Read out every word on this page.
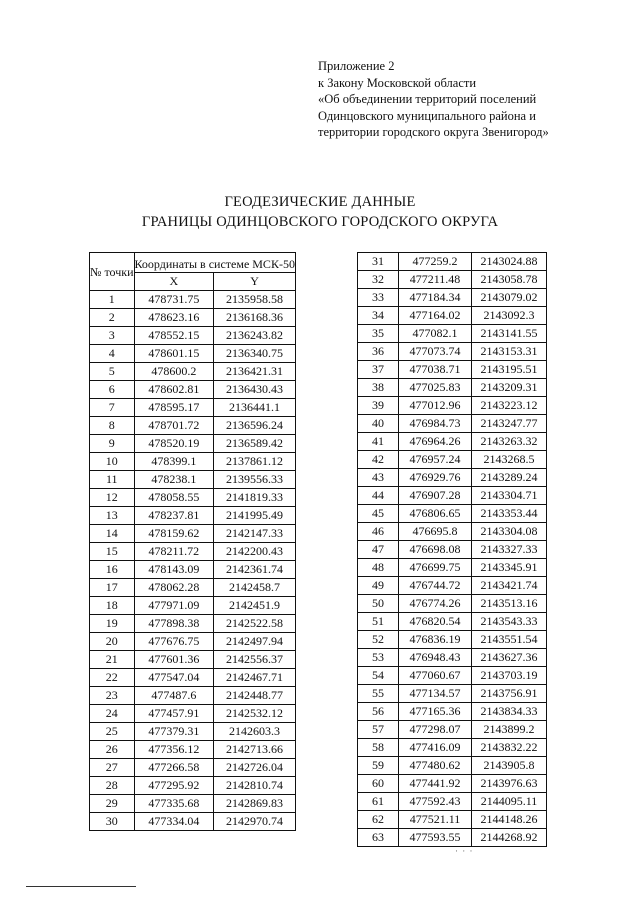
Приложение 2
к Закону Московской области
«Об объединении территорий поселений
Одинцовского муниципального района и
территории городского округа Звенигород»
ГЕОДЕЗИЧЕСКИЕ ДАННЫЕ
ГРАНИЦЫ ОДИНЦОВСКОГО ГОРОДСКОГО ОКРУГА
№ точки	Координаты в системе МСК-50	
	X	Y
1	478731.75	2135958.58
2	478623.16	2136168.36
3	478552.15	2136243.82
4	478601.15	2136340.75
5	478600.2	2136421.31
6	478602.81	2136430.43
7	478595.17	2136441.1
8	478701.72	2136596.24
9	478520.19	2136589.42
10	478399.1	2137861.12
11	478238.1	2139556.33
12	478058.55	2141819.33
13	478237.81	2141995.49
14	478159.62	2142147.33
15	478211.72	2142200.43
16	478143.09	2142361.74
17	478062.28	2142458.7
18	477971.09	2142451.9
19	477898.38	2142522.58
20	477676.75	2142497.94
21	477601.36	2142556.37
22	477547.04	2142467.71
23	477487.6	2142448.77
24	477457.91	2142532.12
25	477379.31	2142603.3
26	477356.12	2142713.66
27	477266.58	2142726.04
28	477295.92	2142810.74
29	477335.68	2142869.83
30	477334.04	2142970.74
31	477259.2	2143024.88
32	477211.48	2143058.78
33	477184.34	2143079.02
34	477164.02	2143092.3
35	477082.1	2143141.55
36	477073.74	2143153.31
37	477038.71	2143195.51
38	477025.83	2143209.31
39	477012.96	2143223.12
40	476984.73	2143247.77
41	476964.26	2143263.32
42	476957.24	2143268.5
43	476929.76	2143289.24
44	476907.28	2143304.71
45	476806.65	2143353.44
46	476695.8	2143304.08
47	476698.08	2143327.33
48	476699.75	2143345.91
49	476744.72	2143421.74
50	476774.26	2143513.16
51	476820.54	2143543.33
52	476836.19	2143551.54
53	476948.43	2143627.36
54	477060.67	2143703.19
55	477134.57	2143756.91
56	477165.36	2143834.33
57	477298.07	2143899.2
58	477416.09	2143832.22
59	477480.62	2143905.8
60	477441.92	2143976.63
61	477592.43	2144095.11
62	477521.11	2144148.26
63	477593.55	2144268.92
· · ·
